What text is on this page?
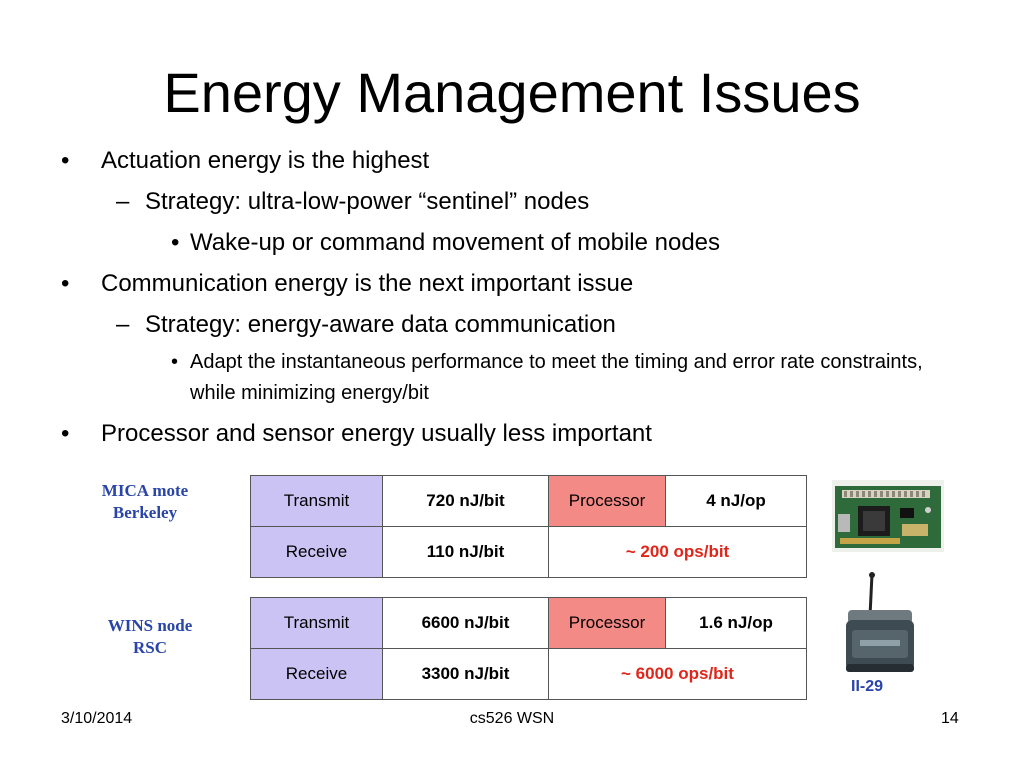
Energy Management Issues
• Actuation energy is the highest
– Strategy: ultra-low-power “sentinel” nodes
• Wake-up or command movement of mobile nodes
• Communication energy is the next important issue
– Strategy: energy-aware data communication
• Adapt the instantaneous performance to meet the timing and error rate constraints, while minimizing energy/bit
• Processor and sensor energy usually less important
MICA mote
Berkeley
Transmit	720 nJ/bit	Processor	4 nJ/op
Receive	110 nJ/bit	~ 200 ops/bit	
WINS node
RSC
Transmit	6600 nJ/bit	Processor	1.6 nJ/op
Receive	3300 nJ/bit	~ 6000 ops/bit	
II-29
3/10/2014	cs526 WSN	14
